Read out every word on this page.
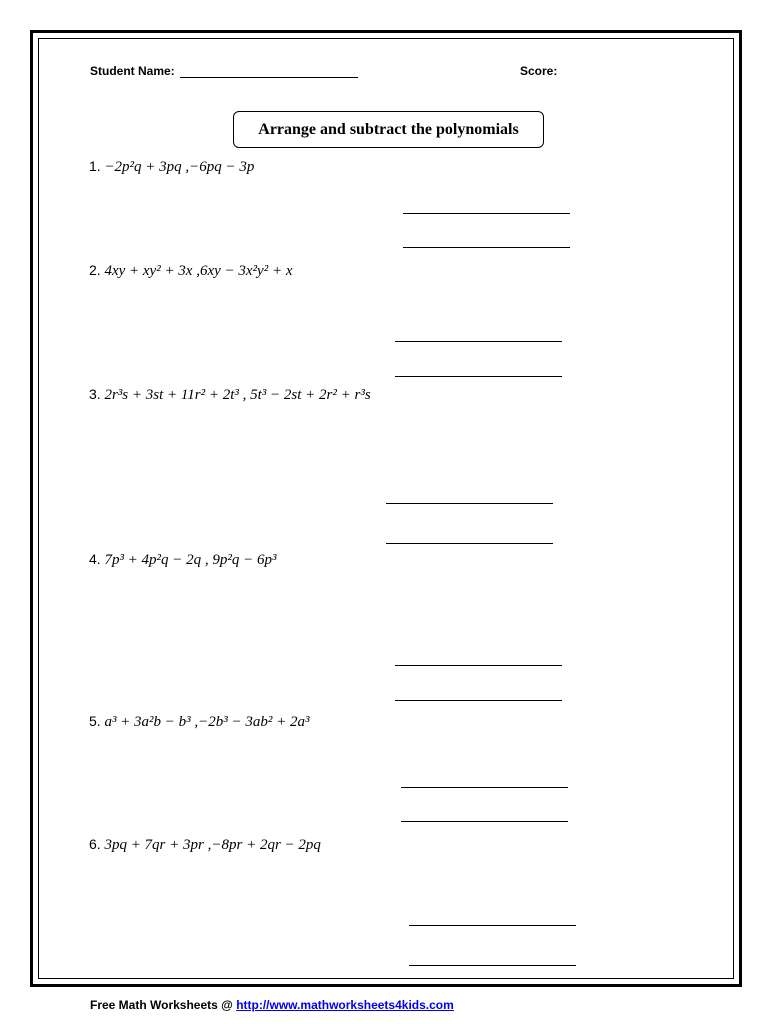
Student Name:	Score:
Arrange and subtract the polynomials
1. −2p²q + 3pq ,−6pq − 3p
2. 4xy + xy² + 3x ,6xy − 3x²y² + x
3. 2r³s + 3st + 11r² + 2t³ , 5t³ − 2st + 2r² + r³s
4. 7p³ + 4p²q − 2q , 9p²q − 6p³
5. a³ + 3a²b − b³ ,−2b³ − 3ab² + 2a³
6. 3pq + 7qr + 3pr ,−8pr + 2qr − 2pq
Free Math Worksheets @ http://www.mathworksheets4kids.com
